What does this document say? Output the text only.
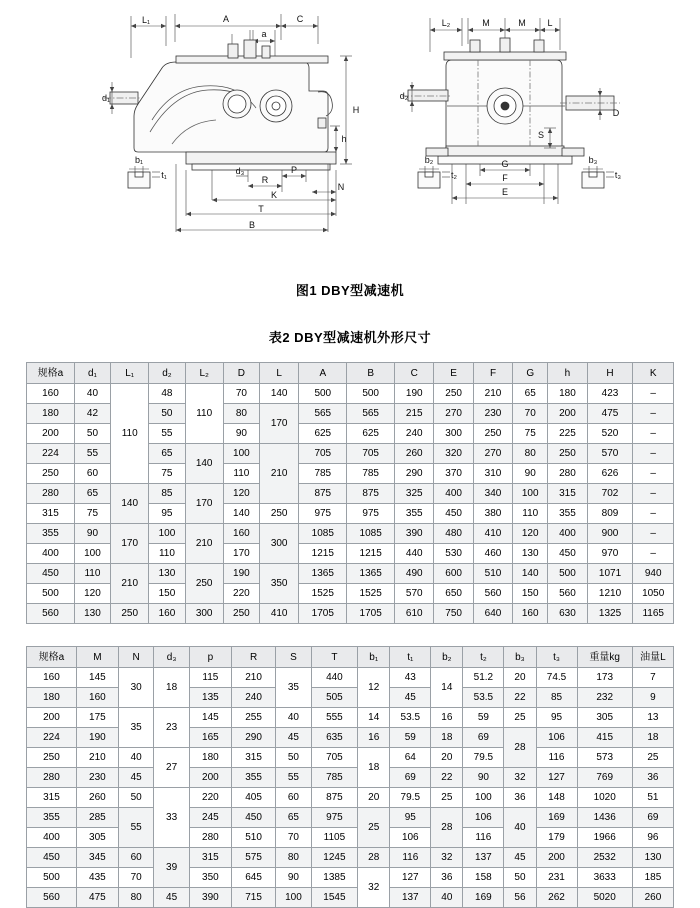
L₁	A	C
a
d₁
H
h
b₁
t₁	d₃	P
R
N
K
T
B
L₂	M	M L
d₂
D
S
b₂
t₂
b₃
t₃
G
F
E
图1 DBY型减速机
表2 DBY型减速机外形尺寸
规格a	d₁	L₁	d₂	L₂	D	L	A	B	C	E	F	G	h	H	K
160	40	110	48	110	70	140	500	500	190	250	210	65	180	423	–
180	42		50		80	170	565	565	215	270	230	70	200	475	–
200	50		55		90		625	625	240	300	250	75	225	520	–
224	55		65	140	100	210	705	705	260	320	270	80	250	570	–
250	60		75		110		785	785	290	370	310	90	280	626	–
280	65	140	85	170	120		875	875	325	400	340	100	315	702	–
315	75		95		140	250	975	975	355	450	380	110	355	809	–
355	90	170	100	210	160	300	1085	1085	390	480	410	120	400	900	–
400	100		110		170		1215	1215	440	530	460	130	450	970	–
450	110	210	130	250	190	350	1365	1365	490	600	510	140	500	1071	940
500	120		150		220		1525	1525	570	650	560	150	560	1210	1050
560	130	250	160	300	250	410	1705	1705	610	750	640	160	630	1325	1165
规格a	M	N	d₃	p	R	S	T	b₁	t₁	b₂	t₂	b₃	t₃	重量kg	油量L
160	145	30	18	115	210	35	440	12	43	14	51.2	20	74.5	173	7
180	160			135	240		505		45		53.5	22	85	232	9
200	175	35	23	145	255	40	555	14	53.5	16	59	25	95	305	13
224	190			165	290	45	635	16	59	18	69	28	106	415	18
250	210	40	27	180	315	50	705	18	64	20	79.5		116	573	25
280	230	45		200	355	55	785		69	22	90	32	127	769	36
315	260	50	33	220	405	60	875	20	79.5	25	100	36	148	1020	51
355	285	55		245	450	65	975	25	95	28	106	40	169	1436	69
400	305			280	510	70	1105		106		116		179	1966	96
450	345	60	39	315	575	80	1245	28	116	32	137	45	200	2532	130
500	435	70		350	645	90	1385	32	127	36	158	50	231	3633	185
560	475	80	45	390	715	100	1545		137	40	169	56	262	5020	260
